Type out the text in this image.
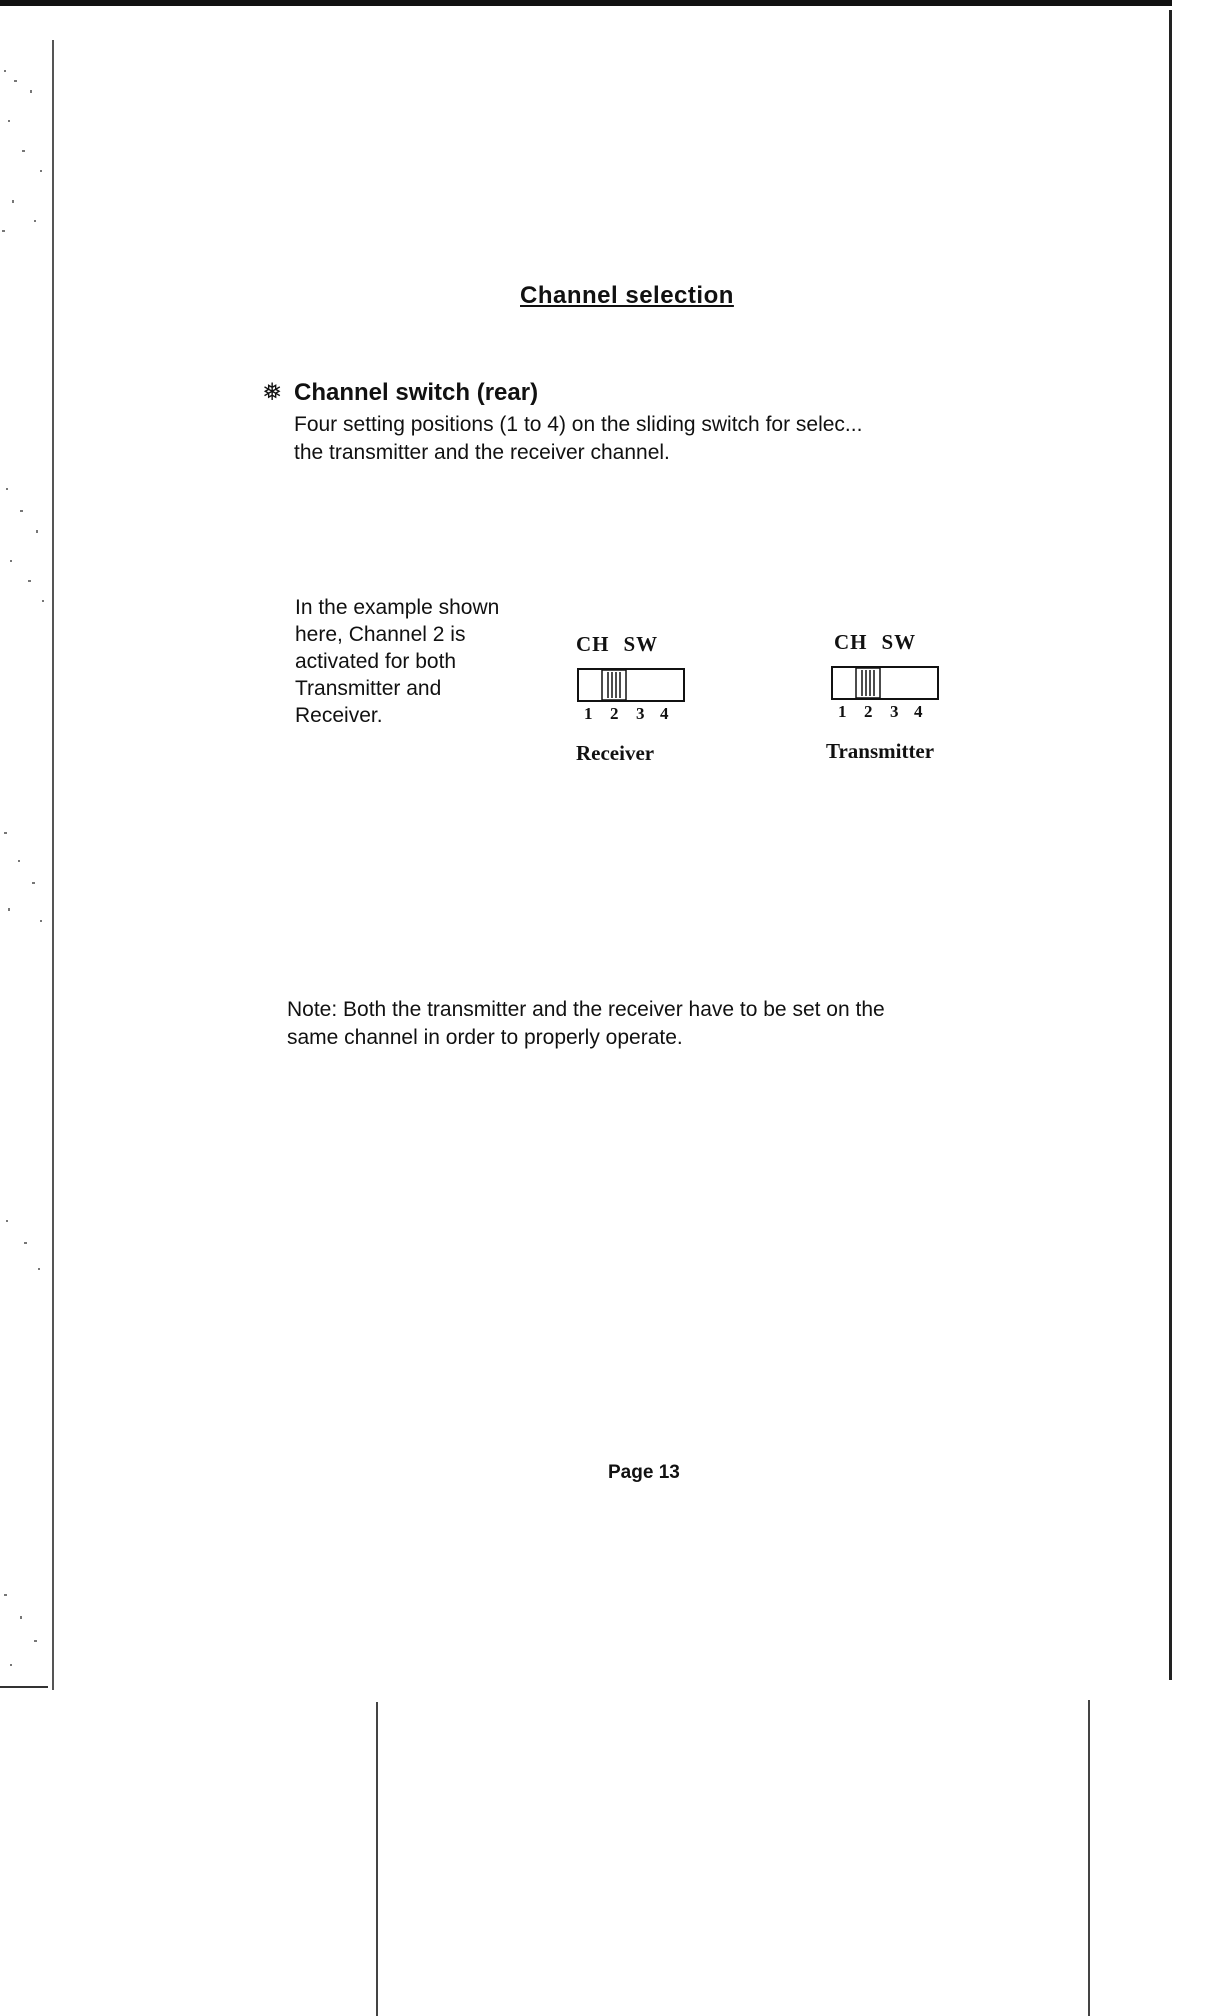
Channel selection
❅ Channel switch (rear)
Four setting positions (1 to 4) on the sliding switch for selec...
the transmitter and the receiver channel.
In the example shown
here, Channel 2 is
activated for both
Transmitter and
Receiver.
CH SW
1 2 3 4
Receiver
CH SW
1 2 3 4
Transmitter
Note: Both the transmitter and the receiver have to be set on the
same channel in order to properly operate.
Page 13
